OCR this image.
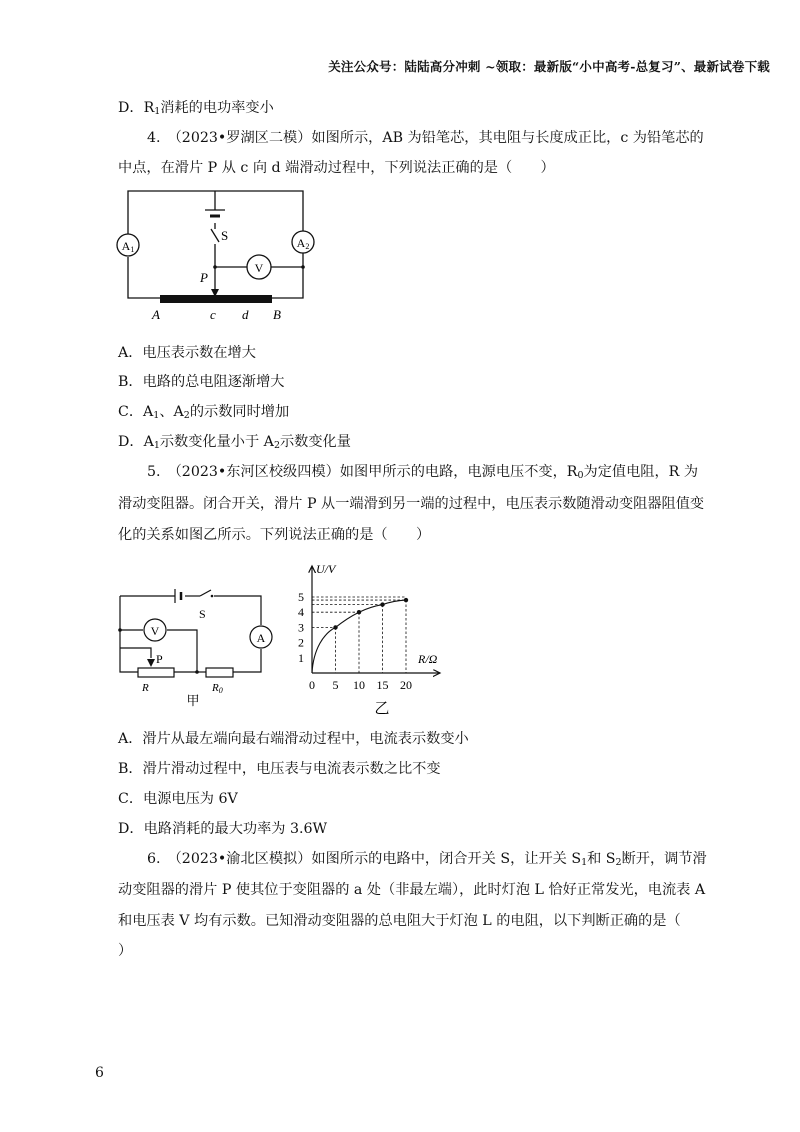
关注公众号：陆陆高分冲刺 ~领取：最新版“小中高考-总复习”、最新试卷下载
D．$R_1$消耗的电功率变小
4.　（2023•罗湖区二模）如图所示，AB 为铅笔芯，其电阻与长度成正比，c 为铅笔芯的
中点，在滑片 P 从 c 向 d 端滑动过程中，下列说法正确的是（　　）
A1	A2
S
V
P
A	c d B
A．电压表示数在增大
B．电路的总电阻逐渐增大
C．$A_1$、$A_2$的示数同时增加
D．$A_1$示数变化量小于 $A_2$示数变化量
5.　（2023•东河区校级四模）如图甲所示的电路，电源电压不变，$R_0$为定值电阻，R 为
滑动变阻器。闭合开关，滑片 P 从一端滑到另一端的过程中，电压表示数随滑动变阻器阻值变
化的关系如图乙所示。下列说法正确的是（　　）
S
V	A
P
R	R0
甲
U/V
R/Ω
1
2
3
4
5
0 5 10 15 20
乙
A．滑片从最左端向最右端滑动过程中，电流表示数变小
B．滑片滑动过程中，电压表与电流表示数之比不变
C．电源电压为 6V
D．电路消耗的最大功率为 3.6W
6.　（2023•渝北区模拟）如图所示的电路中，闭合开关 S，让开关 $S_1$和 $S_2$断开，调节滑
动变阻器的滑片 P 使其位于变阻器的 a 处（非最左端），此时灯泡 L 恰好正常发光，电流表 A
和电压表 V 均有示数。已知滑动变阻器的总电阻大于灯泡 L 的电阻，以下判断正确的是（
）
6
